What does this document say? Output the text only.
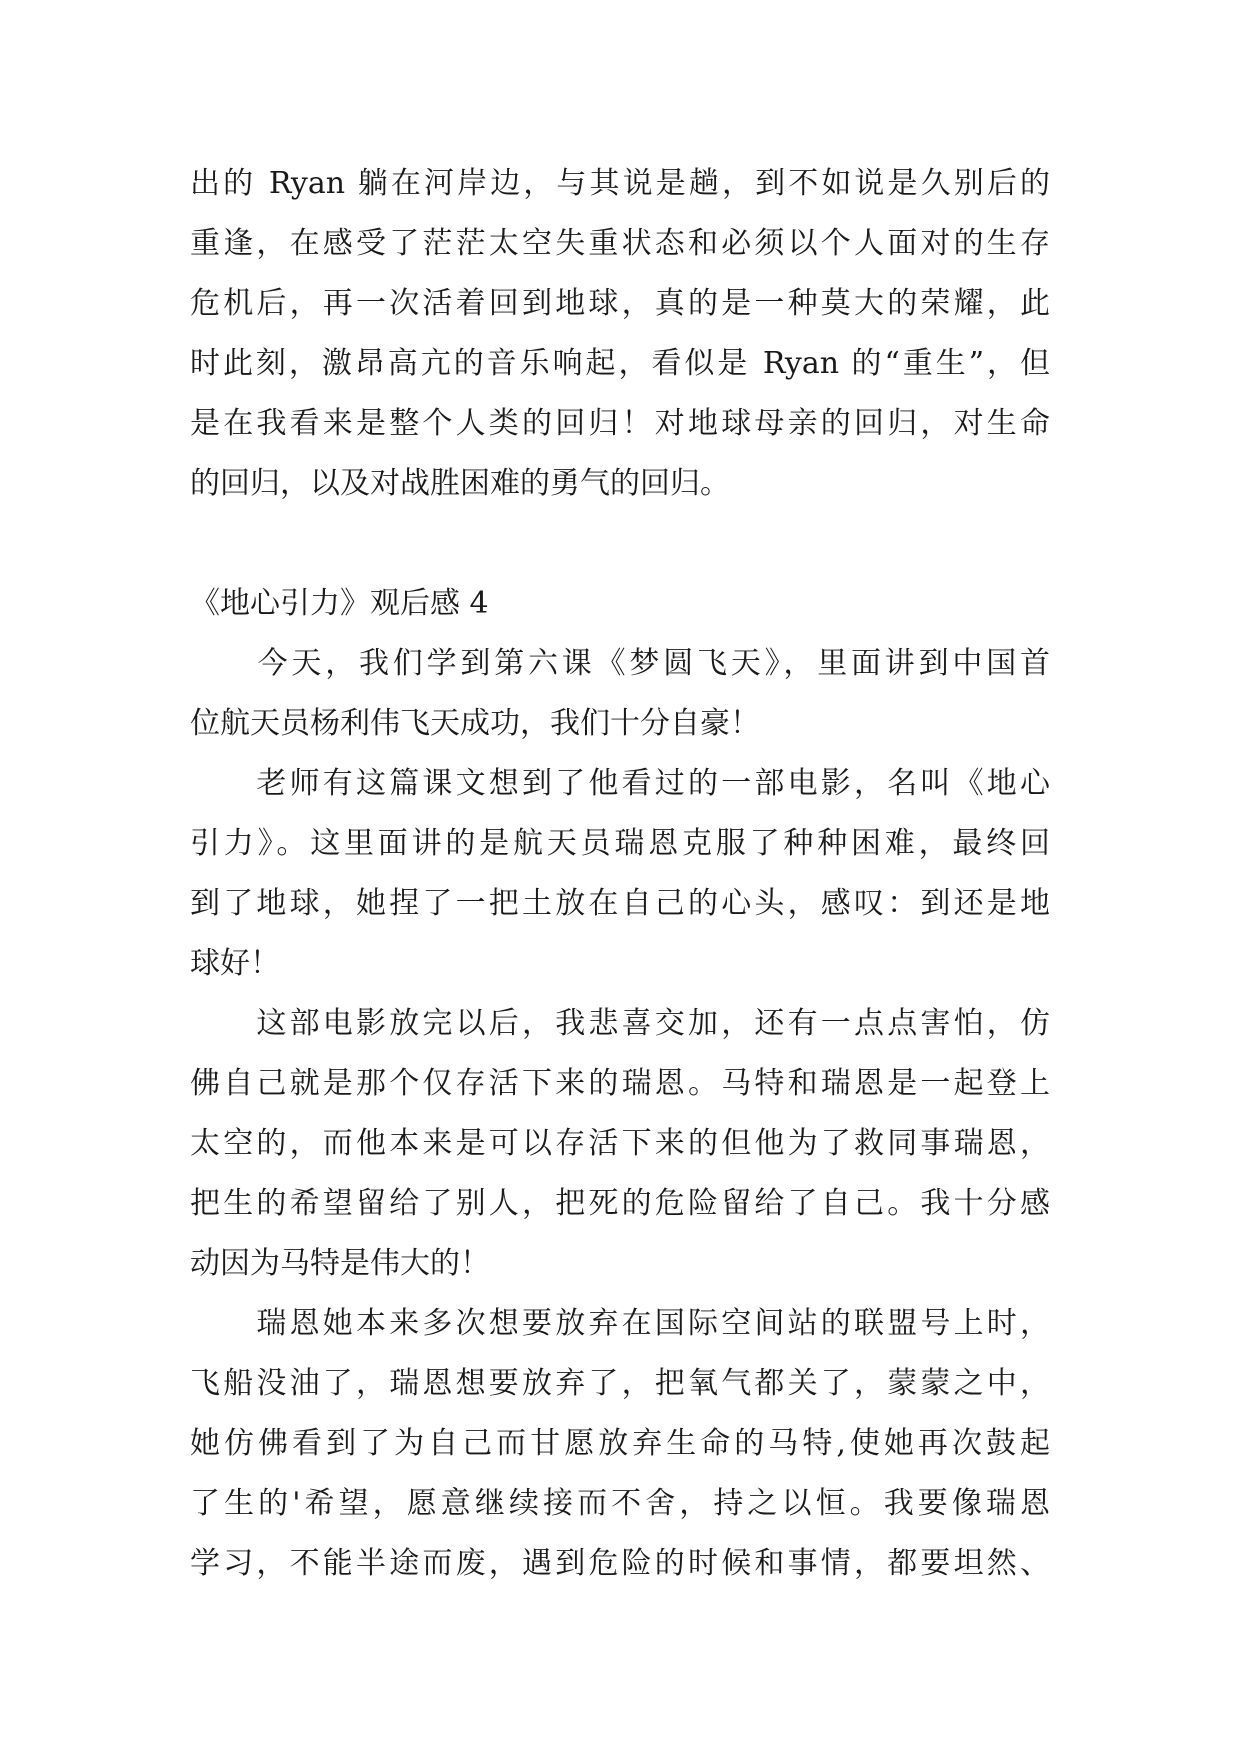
出的 Ryan 躺在河岸边，与其说是趟，到不如说是久别后的
重逢，在感受了茫茫太空失重状态和必须以个人面对的生存
危机后，再一次活着回到地球，真的是一种莫大的荣耀，此
时此刻，激昂高亢的音乐响起，看似是 Ryan 的“重生”，但
是在我看来是整个人类的回归！对地球母亲的回归，对生命
的回归，以及对战胜困难的勇气的回归。
《地心引力》观后感 4
　　今天，我们学到第六课《梦圆飞天》，里面讲到中国首
位航天员杨利伟飞天成功，我们十分自豪！
　　老师有这篇课文想到了他看过的一部电影，名叫《地心
引力》。这里面讲的是航天员瑞恩克服了种种困难，最终回
到了地球，她捏了一把土放在自己的心头，感叹：到还是地
球好！
　　这部电影放完以后，我悲喜交加，还有一点点害怕，仿
佛自己就是那个仅存活下来的瑞恩。马特和瑞恩是一起登上
太空的，而他本来是可以存活下来的但他为了救同事瑞恩，
把生的希望留给了别人，把死的危险留给了自己。我十分感
动因为马特是伟大的！
　　瑞恩她本来多次想要放弃在国际空间站的联盟号上时，
飞船没油了，瑞恩想要放弃了，把氧气都关了，蒙蒙之中，
她仿佛看到了为自己而甘愿放弃生命的马特,使她再次鼓起
了生的'希望，愿意继续接而不舍，持之以恒。我要像瑞恩
学习，不能半途而废，遇到危险的时候和事情，都要坦然、
